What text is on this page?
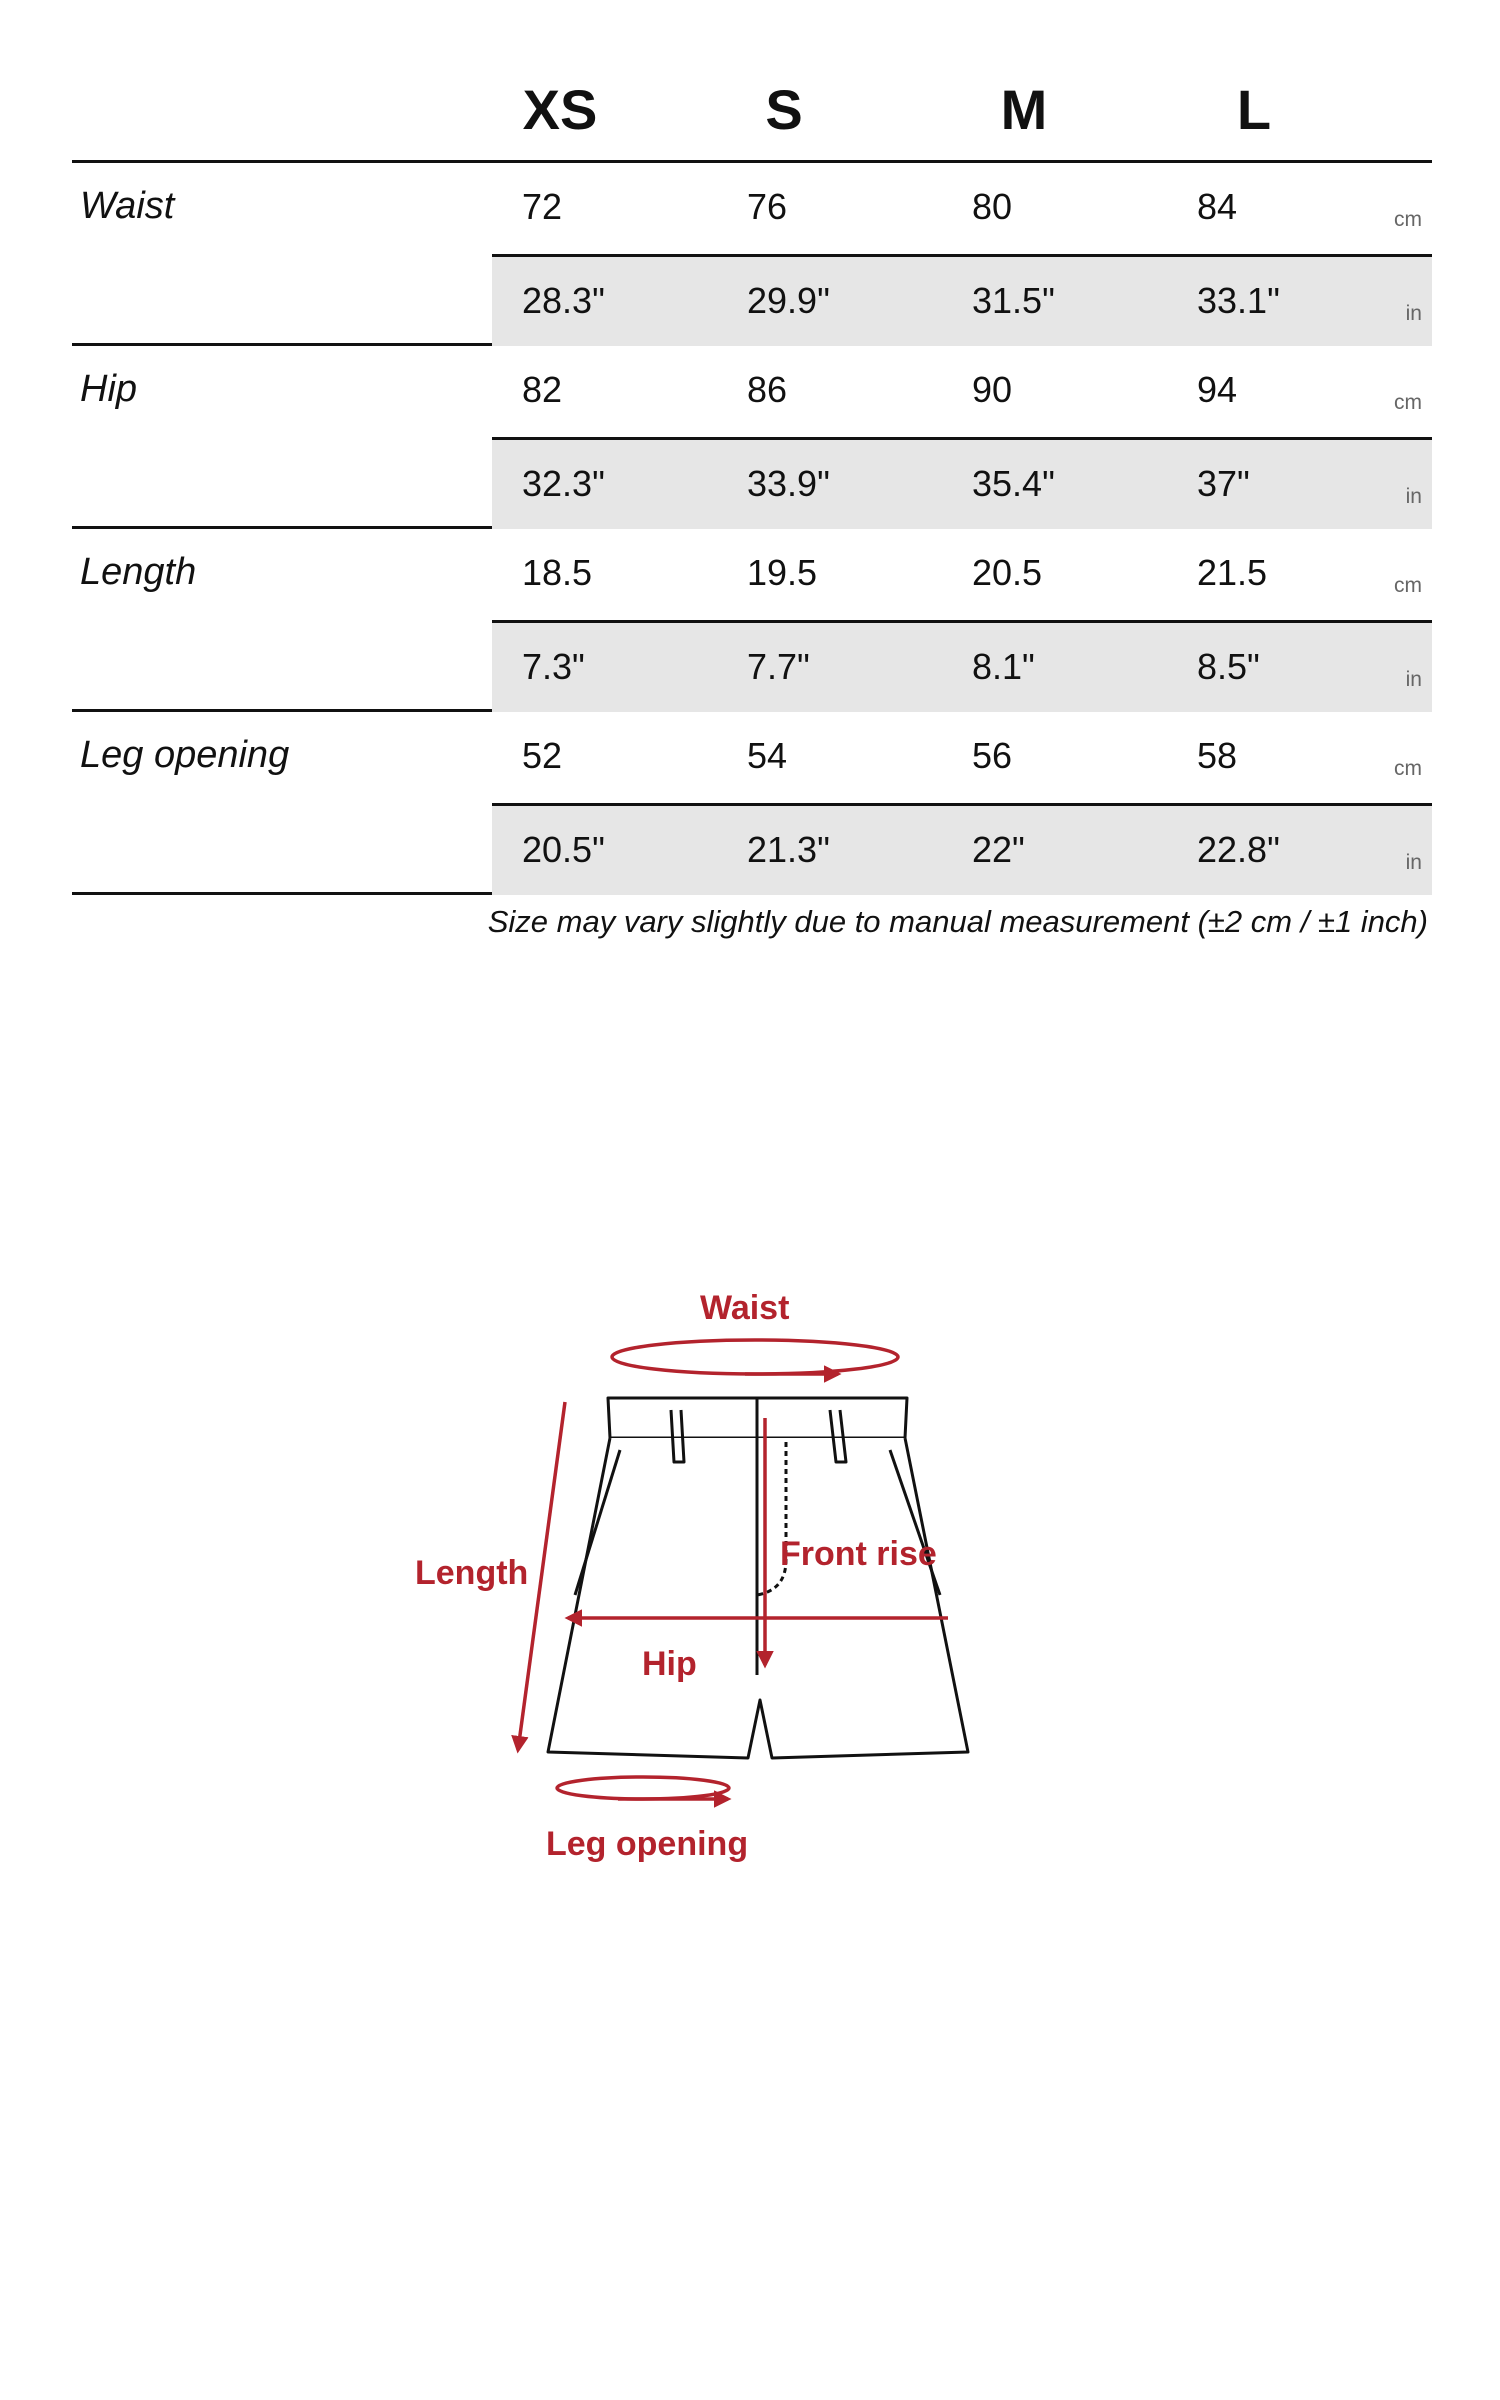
XS	S	M	L
Waist	72	76	80	84	cm
28.3"	29.9"	31.5"	33.1"	in
Hip	82	86	90	94	cm
32.3"	33.9"	35.4"	37"	in
Length	18.5	19.5	20.5	21.5	cm
7.3"	7.7"	8.1"	8.5"	in
Leg opening	52	54	56	58	cm
20.5"	21.3"	22"	22.8"	in
Size may vary slightly due to manual measurement (±2 cm / ±1 inch)
Waist
Length	Front rise
Hip
Leg opening
